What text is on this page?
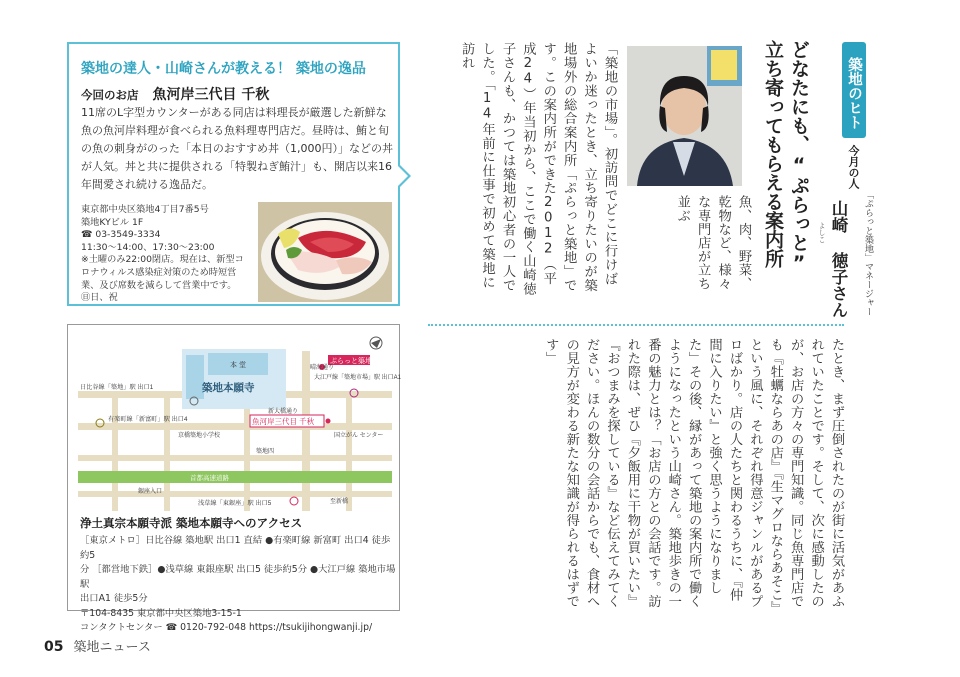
築地の達人・山崎さんが教える！ 築地の逸品
今回のお店 魚河岸三代目 千秋
11席のL字型カウンターがある同店は料理長が厳選した新鮮な魚の魚河岸料理が食べられる魚料理専門店だ。昼時は、鮪と旬の魚の刺身がのった「本日のおすすめ丼（1,000円）」などの丼が人気。丼と共に提供される「特製ねぎ鮪汁」も、開店以来16年間愛され続ける逸品だ。
東京都中央区築地4丁目7番5号
築地KYビル 1F
☎ 03-3549-3334
11:30～14:00、17:30～23:00
※土曜のみ22:00閉店。現在は、新型コ
ロナウィルス感染症対策のため時短営
業、及び席数を減らして営業中です。
㊐日、祝
魚河岸三代目 千秋
ぷらっと築地
築地本願寺
本 堂
日比谷線「築地」駅 出口1
有楽町線「新富町」駅 出口4
大江戸線「築地市場」駅 出口A1
浅草線「東銀座」駅 出口5
新大橋通り
京橋築地小学校	国立がん センター
首都高速道路
銀座入口
築地四
至新橋
晴海通り
浄土真宗本願寺派 築地本願寺へのアクセス
［東京メトロ］日比谷線 築地駅 出口1 直結 ●有楽町線 新富町 出口4 徒歩約5
分 ［都営地下鉄］●浅草線 東銀座駅 出口5 徒歩約5分 ●大江戸線 築地市場駅
出口A1 徒歩5分
〒104-8435 東京都中央区築地3-15-1
コンタクトセンター ☎ 0120-792-048 https://tsukijihongwanji.jp/
築地のヒト
今月の人
「ぷらっと築地」マネージャー
山崎 徳子さん
よしこ
どなたにも、“ぷらっと”
立ち寄ってもらえる案内所
魚、肉、野菜、乾物など、様々な専門店が立ち並ぶ
「築地の市場」。初訪問でどこに行けばよいか迷ったとき、立ち寄りたいのが築地場外の総合案内所「ぷらっと築地」です。この案内所ができた2012（平成24）年当初から、ここで働く山崎徳子さんも、かつては築地初心者の一人でした。「14年前に仕事で初めて築地に訪れ
たとき、まず圧倒されたのが街に活気があふれていたことです。そして、次に感動したのが、お店の方々の専門知識。同じ魚専門店でも『牡蠣ならあの店』『生マグロならあそこ』という風に、それぞれ得意ジャンルがあるプロばかり。店の人たちと関わるうちに、『仲間に入りたい』と強く思うようになりました」その後、縁があって築地の案内所で働くようになったという山崎さん。築地歩きの一番の魅力とは？「お店の方との会話です。訪れた際は、ぜひ『夕飯用に干物が買いたい』『おつまみを探している』など伝えてみてください。ほんの数分の会話からでも、食材への見方が変わる新たな知識が得られるはずです」
05 築地ニュース
